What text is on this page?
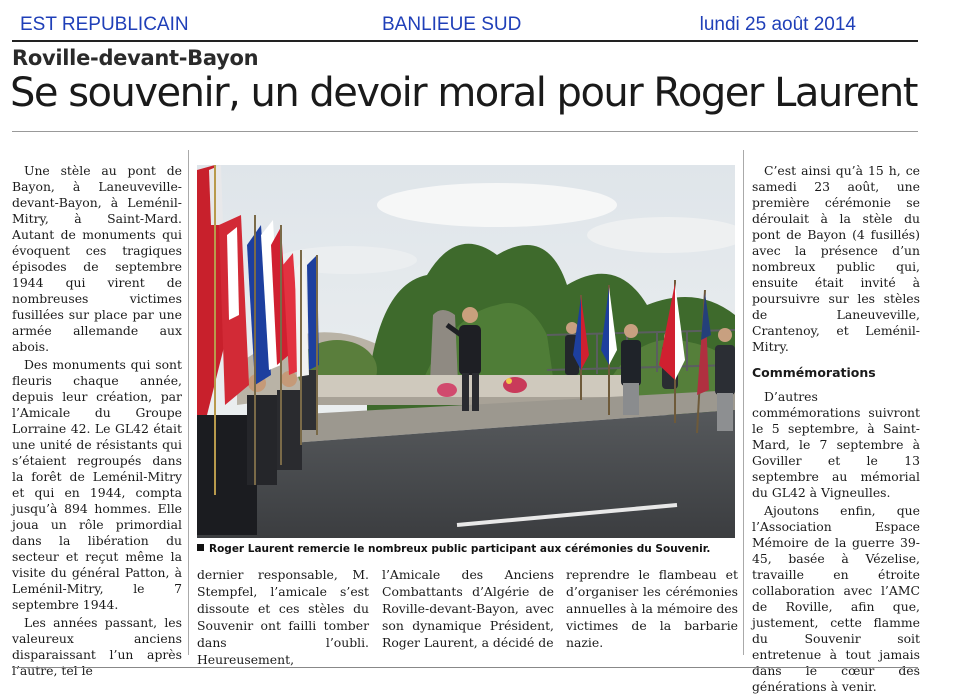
EST REPUBLICAIN	BANLIEUE SUD	lundi 25 août 2014
Roville-devant-Bayon
Se souvenir, un devoir moral pour Roger Laurent

Une stèle au pont de Bayon, à Laneuveville-devant-Bayon, à Leménil-Mitry, à Saint-Mard. Autant de monuments qui évoquent ces tragiques épisodes de septembre 1944 qui virent de nombreuses victimes fusillées sur place par une armée allemande aux abois.

Des monuments qui sont fleuris chaque année, depuis leur création, par l’Amicale du Groupe Lorraine 42. Le GL42 était une unité de résistants qui s’étaient regroupés dans la forêt de Leménil-Mitry et qui en 1944, compta jusqu’à 894 hommes. Elle joua un rôle primordial dans la libération du secteur et reçut même la visite du général Patton, à Leménil-Mitry, le 7 septembre 1944.

Les années passant, les valeureux anciens disparaissant l’un après l’autre, tel le

Roger Laurent remercie le nombreux public participant aux cérémonies du Souvenir.
dernier responsable, M. Stempfel, l’amicale s’est dissoute et ces stèles du Souvenir ont failli tomber dans l’oubli. Heureusement,
l’Amicale des Anciens Combattants d’Algérie de Roville-devant-Bayon, avec son dynamique Président, Roger Laurent, a décidé de
reprendre le flambeau et d’organiser les cérémonies annuelles à la mémoire des victimes de la barbarie nazie.

C’est ainsi qu’à 15 h, ce samedi 23 août, une première cérémonie se déroulait à la stèle du pont de Bayon (4 fusillés) avec la présence d’un nombreux public qui, ensuite était invité à poursuivre sur les stèles de Laneuveville, Crantenoy, et Leménil-Mitry.

Commémorations

D’autres commémorations suivront le 5 septembre, à Saint-Mard, le 7 septembre à Goviller et le 13 septembre au mémorial du GL42 à Vigneulles.

Ajoutons enfin, que l’Association Espace Mémoire de la guerre 39-45, basée à Vézelise, travaille en étroite collaboration avec l’AMC de Roville, afin que, justement, cette flamme du Souvenir soit entretenue à tout jamais dans le cœur des générations à venir.
